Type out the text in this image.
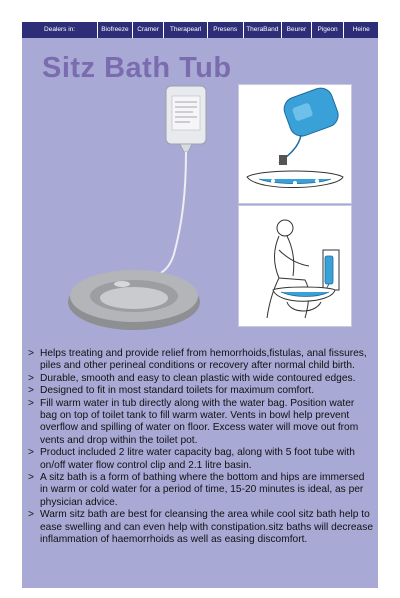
Dealers in:	Biofreeze	Cramer	Therapearl	Presens	TheraBand	Beurer	Pigeon	Heine
Sitz Bath Tub
> Helps treating and provide relief from hemorrhoids,fistulas, anal fissures, piles and other perineal conditions or recovery after normal child birth.
> Durable, smooth and easy to clean plastic with wide contoured edges.
> Designed to fit in most standard toilets for maximum comfort.
> Fill warm water in tub directly along with the water bag. Position water bag on top of toilet tank to fill warm water. Vents in bowl help prevent overflow and spilling of water on floor. Excess water will move out from vents and drop within the toilet pot.
> Product included 2 litre water capacity bag, along with 5 foot tube with on/off water flow control clip and 2.1 litre basin.
> A sitz bath is a form of bathing where the bottom and hips are immersed in warm or cold water for a period of time, 15-20 minutes is ideal, as per physician advice.
> Warm sitz bath are best for cleansing the area while cool sitz bath help to ease swelling and can even help with constipation.sitz baths will decrease inflammation of haemorrhoids as well as easing discomfort.
